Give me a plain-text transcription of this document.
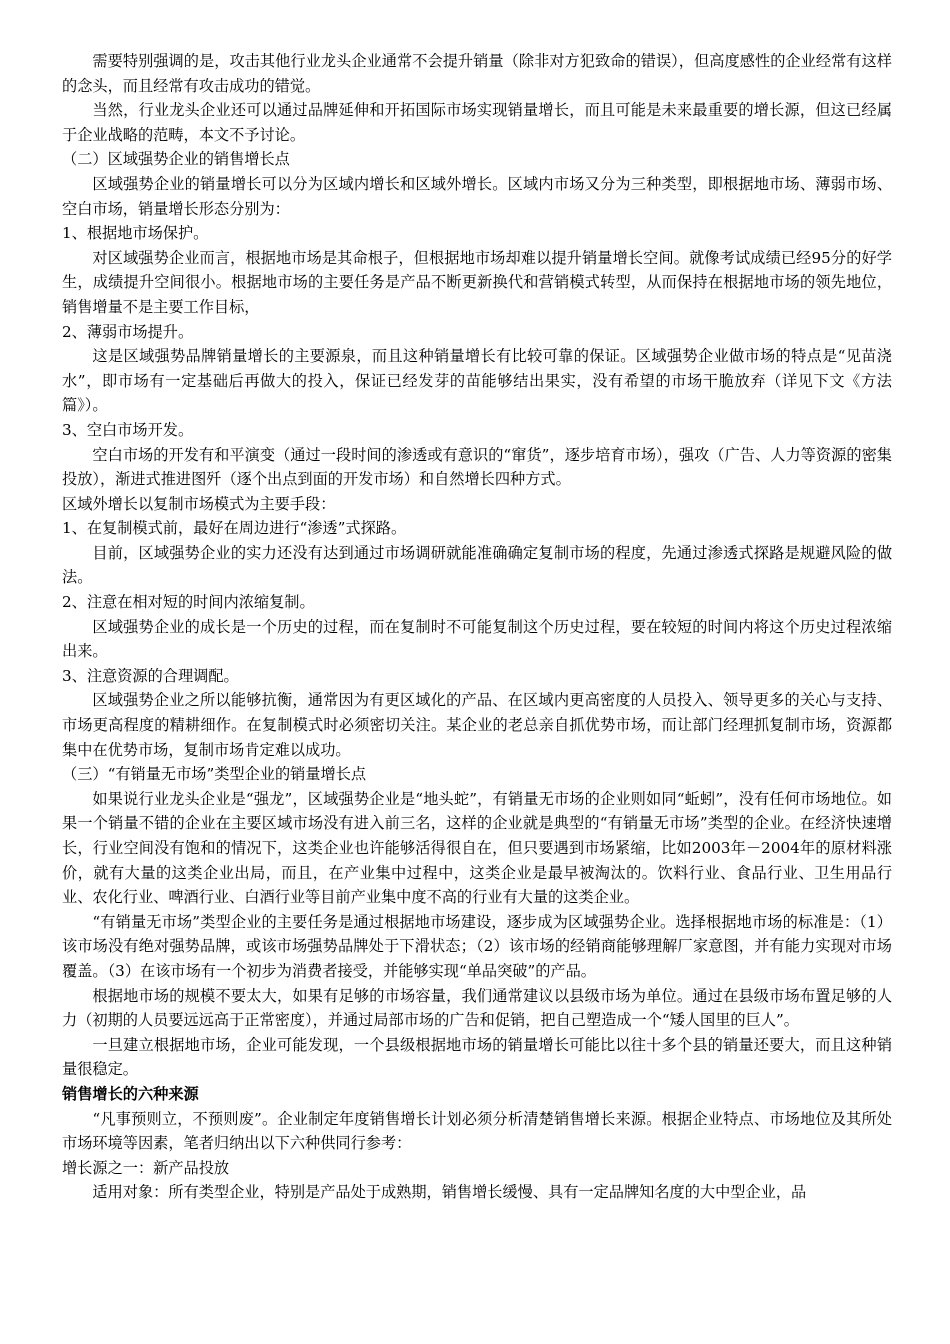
需要特别强调的是，攻击其他行业龙头企业通常不会提升销量（除非对方犯致命的错误），但高度感性的企业经常有这样的念头，而且经常有攻击成功的错觉。

当然，行业龙头企业还可以通过品牌延伸和开拓国际市场实现销量增长，而且可能是未来最重要的增长源，但这已经属于企业战略的范畴，本文不予讨论。

（二）区域强势企业的销售增长点

区域强势企业的销量增长可以分为区域内增长和区域外增长。区域内市场又分为三种类型，即根据地市场、薄弱市场、空白市场，销量增长形态分别为：

1、根据地市场保护。

对区域强势企业而言，根据地市场是其命根子，但根据地市场却难以提升销量增长空间。就像考试成绩已经95分的好学生，成绩提升空间很小。根据地市场的主要任务是产品不断更新换代和营销模式转型，从而保持在根据地市场的领先地位，销售增量不是主要工作目标，

2、薄弱市场提升。

这是区域强势品牌销量增长的主要源泉，而且这种销量增长有比较可靠的保证。区域强势企业做市场的特点是“见苗浇水”，即市场有一定基础后再做大的投入，保证已经发芽的苗能够结出果实，没有希望的市场干脆放弃（详见下文《方法篇》）。

3、空白市场开发。

空白市场的开发有和平演变（通过一段时间的渗透或有意识的“窜货”，逐步培育市场），强攻（广告、人力等资源的密集投放），渐进式推进图歼（逐个出点到面的开发市场）和自然增长四种方式。

区域外增长以复制市场模式为主要手段：

1、在复制模式前，最好在周边进行“渗透”式探路。

目前，区域强势企业的实力还没有达到通过市场调研就能准确确定复制市场的程度，先通过渗透式探路是规避风险的做法。

2、注意在相对短的时间内浓缩复制。

区域强势企业的成长是一个历史的过程，而在复制时不可能复制这个历史过程，要在较短的时间内将这个历史过程浓缩出来。

3、注意资源的合理调配。

区域强势企业之所以能够抗衡，通常因为有更区域化的产品、在区域内更高密度的人员投入、领导更多的关心与支持、市场更高程度的精耕细作。在复制模式时必须密切关注。某企业的老总亲自抓优势市场，而让部门经理抓复制市场，资源都集中在优势市场，复制市场肯定难以成功。

（三）“有销量无市场”类型企业的销量增长点

如果说行业龙头企业是“强龙”，区域强势企业是“地头蛇”，有销量无市场的企业则如同“蚯蚓”，没有任何市场地位。如果一个销量不错的企业在主要区域市场没有进入前三名，这样的企业就是典型的“有销量无市场”类型的企业。在经济快速增长，行业空间没有饱和的情况下，这类企业也许能够活得很自在，但只要遇到市场紧缩，比如2003年－2004年的原材料涨价，就有大量的这类企业出局，而且，在产业集中过程中，这类企业是最早被淘汰的。饮料行业、食品行业、卫生用品行业、农化行业、啤酒行业、白酒行业等目前产业集中度不高的行业有大量的这类企业。

“有销量无市场”类型企业的主要任务是通过根据地市场建设，逐步成为区域强势企业。选择根据地市场的标准是：（1）该市场没有绝对强势品牌，或该市场强势品牌处于下滑状态；（2）该市场的经销商能够理解厂家意图，并有能力实现对市场覆盖。（3）在该市场有一个初步为消费者接受，并能够实现“单品突破”的产品。

根据地市场的规模不要太大，如果有足够的市场容量，我们通常建议以县级市场为单位。通过在县级市场布置足够的人力（初期的人员要远远高于正常密度），并通过局部市场的广告和促销，把自己塑造成一个“矮人国里的巨人”。

一旦建立根据地市场，企业可能发现，一个县级根据地市场的销量增长可能比以往十多个县的销量还要大，而且这种销量很稳定。

销售增长的六种来源

“凡事预则立，不预则废”。企业制定年度销售增长计划必须分析清楚销售增长来源。根据企业特点、市场地位及其所处市场环境等因素，笔者归纳出以下六种供同行参考：

增长源之一：新产品投放

适用对象：所有类型企业，特别是产品处于成熟期，销售增长缓慢、具有一定品牌知名度的大中型企业，品
